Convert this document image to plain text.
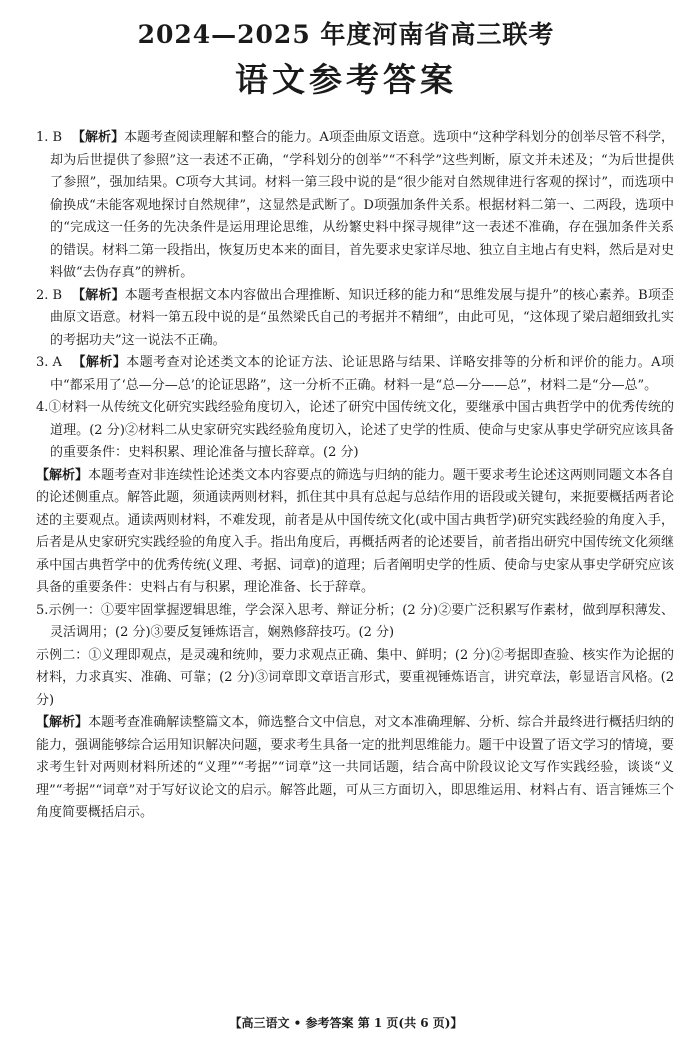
2024—2025 年度河南省高三联考
语文参考答案

1. B 【解析】本题考查阅读理解和整合的能力。A项歪曲原文语意。选项中“这种学科划分的创举尽管不科学，却为后世提供了参照”这一表述不正确，“学科划分的创举”“不科学”这些判断，原文并未述及；“为后世提供了参照”，强加结果。C项夸大其词。材料一第三段中说的是“很少能对自然规律进行客观的探讨”，而选项中偷换成“未能客观地探讨自然规律”，这显然是武断了。D项强加条件关系。根据材料二第一、二两段，选项中的“完成这一任务的先决条件是运用理论思维，从纷繁史料中探寻规律”这一表述不准确，存在强加条件关系的错误。材料二第一段指出，恢复历史本来的面目，首先要求史家详尽地、独立自主地占有史料，然后是对史料做“去伪存真”的辨析。

2. B 【解析】本题考查根据文本内容做出合理推断、知识迁移的能力和“思维发展与提升”的核心素养。B项歪曲原文语意。材料一第五段中说的是“虽然梁氏自己的考据并不精细”，由此可见，“这体现了梁启超细致扎实的考据功夫”这一说法不正确。

3. A 【解析】本题考查对论述类文本的论证方法、论证思路与结果、详略安排等的分析和评价的能力。A项中“都采用了‘总—分—总’的论证思路”，这一分析不正确。材料一是“总—分——总”，材料二是“分—总”。

4.①材料一从传统文化研究实践经验角度切入，论述了研究中国传统文化，要继承中国古典哲学中的优秀传统的道理。(2 分)②材料二从史家研究实践经验角度切入，论述了史学的性质、使命与史家从事史学研究应该具备的重要条件：史料积累、理论准备与擅长辞章。(2 分)

【解析】本题考查对非连续性论述类文本内容要点的筛选与归纳的能力。题干要求考生论述这两则同题文本各自的论述侧重点。解答此题，须通读两则材料，抓住其中具有总起与总结作用的语段或关键句，来扼要概括两者论述的主要观点。通读两则材料，不难发现，前者是从中国传统文化(或中国古典哲学)研究实践经验的角度入手，后者是从史家研究实践经验的角度入手。指出角度后，再概括两者的论述要旨，前者指出研究中国传统文化须继承中国古典哲学中的优秀传统(义理、考据、词章)的道理；后者阐明史学的性质、使命与史家从事史学研究应该具备的重要条件：史料占有与积累，理论准备、长于辞章。

5.示例一：①要牢固掌握逻辑思维，学会深入思考、辩证分析；(2 分)②要广泛积累写作素材，做到厚积薄发、灵活调用；(2 分)③要反复锤炼语言，娴熟修辞技巧。(2 分)

示例二：①义理即观点，是灵魂和统帅，要力求观点正确、集中、鲜明；(2 分)②考据即查验、核实作为论据的材料，力求真实、准确、可靠；(2 分)③词章即文章语言形式，要重视锤炼语言，讲究章法，彰显语言风格。(2 分)

【解析】本题考查准确解读整篇文本，筛选整合文中信息，对文本准确理解、分析、综合并最终进行概括归纳的能力，强调能够综合运用知识解决问题，要求考生具备一定的批判思维能力。题干中设置了语文学习的情境，要求考生针对两则材料所述的“义理”“考据”“词章”这一共同话题，结合高中阶段议论文写作实践经验，谈谈“义理”“考据”“词章”对于写好议论文的启示。解答此题，可从三方面切入，即思维运用、材料占有、语言锤炼三个角度简要概括启示。

【高三语文 • 参考答案 第 1 页(共 6 页)】
